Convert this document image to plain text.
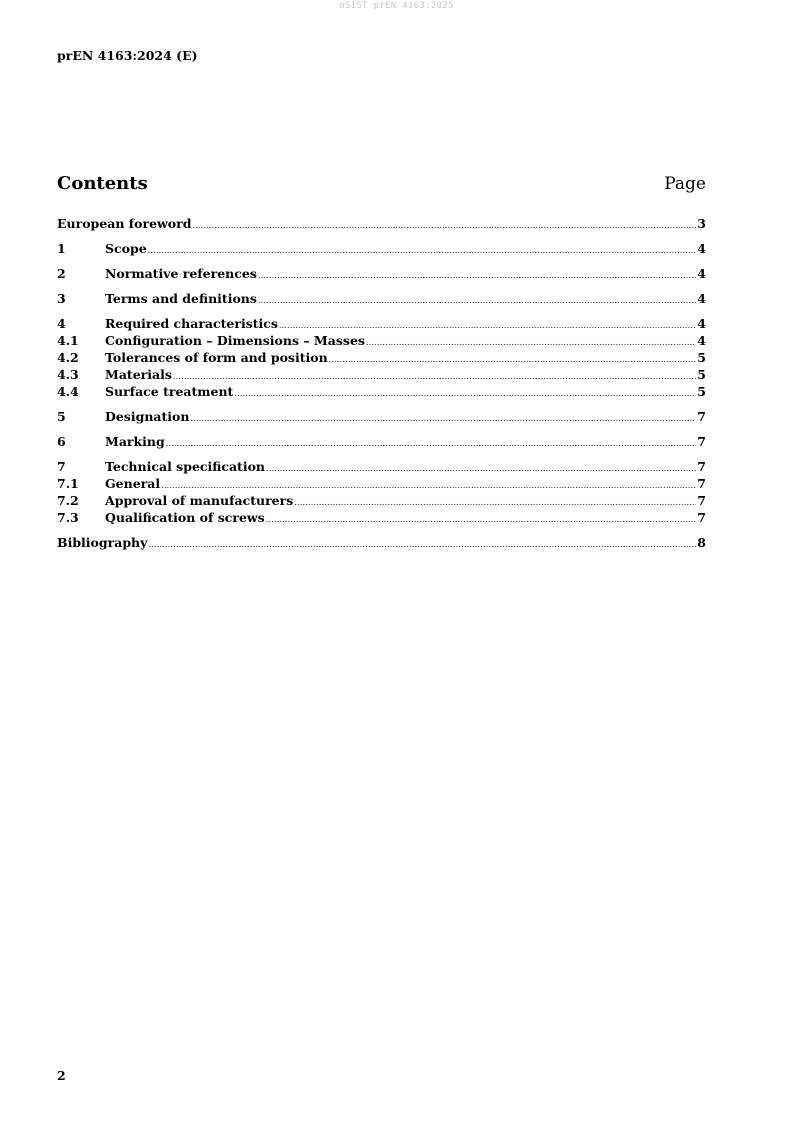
oSIST prEN 4163:2025
prEN 4163:2024 (E)
Contents	Page
European foreword .....	3
1	Scope .....	4
2	Normative references .....	4
3	Terms and definitions .....	4
4	Required characteristics .....	4
4.1	Configuration – Dimensions – Masses .....	4
4.2	Tolerances of form and position .....	5
4.3	Materials .....	5
4.4	Surface treatment .....	5
5	Designation .....	7
6	Marking .....	7
7	Technical specification .....	7
7.1	General .....	7
7.2	Approval of manufacturers .....	7
7.3	Qualification of screws .....	7
Bibliography .....	8
2
